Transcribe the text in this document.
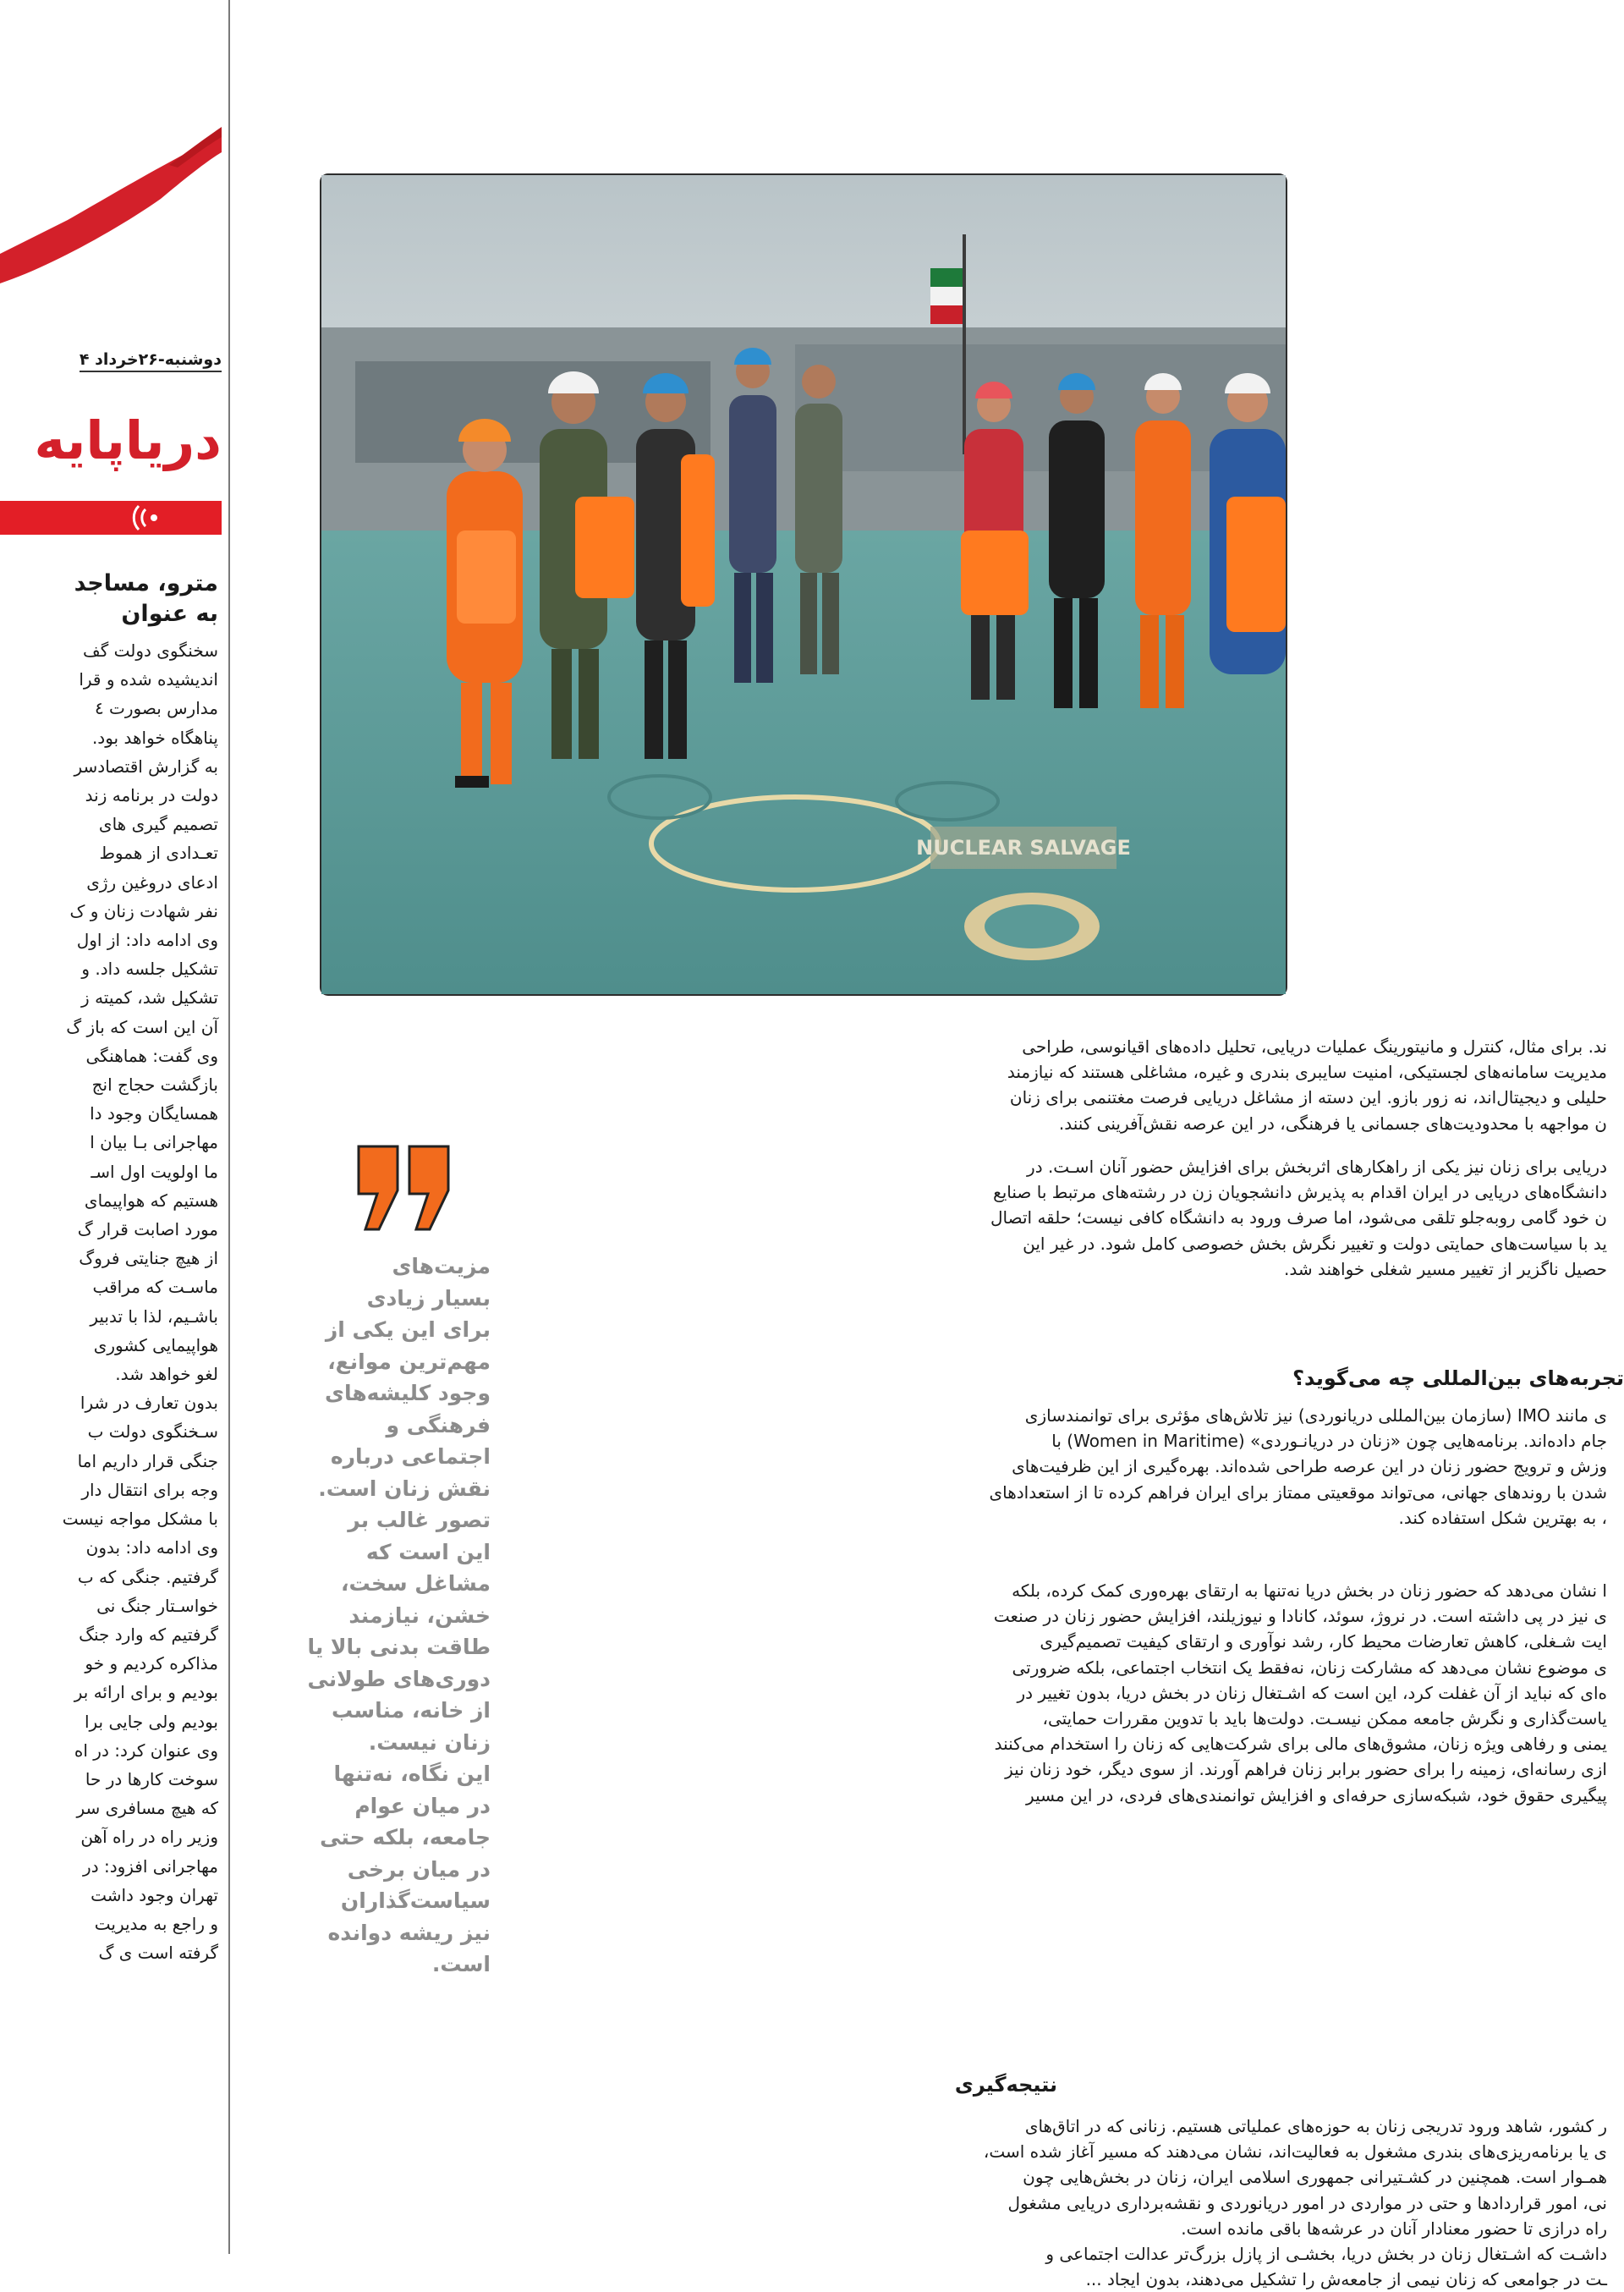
دوشنبه-۲۶خرداد ۴
دریاپایه
مترو، مساجد
به عنوان
سخنگوی دولت گف
اندیشیده شده و قرا
مدارس بصورت ٤
پناهگاه خواهد بود.
به گزارش اقتصادسر
دولت در برنامه زند
تصمیم گیری های
تعـدادی از هموط
ادعای دروغین رژی
نفر شهادت زنان و ک
وی ادامه داد: از اول
تشکیل جلسه داد. و
تشکیل شد، کمیته ز
آن این است که باز گ
وی گفت: هماهنگی
بازگشت حجاج انج
همسایگان وجود دا
مهاجرانی بـا بیان ا
ما اولویت اول اسـ
هستیم که هواپیمای
مورد اصابت قرار گ
از هیچ جنایتی فروگ
ماسـت که مراقب
باشـیم، لذا با تدبیر
هواپیمایی کشوری
لغو خواهد شد.
بدون تعارف در شرا
سـخنگوی دولت ب
جنگی قرار داریم اما
وجه برای انتقال دار
با مشکل مواجه نیست
وی ادامه داد: بدون
گرفتیم. جنگی که ب
خواسـتار جنگ نی
گرفتیم که وارد جنگ
مذاکره کردیم و خو
بودیم و برای ارائه بر
بودیم ولی جایی برا
وی عنوان کرد: در اه
سوخت کارها در حا
که هیچ مسافری سر
وزیر راه در راه آهن
مهاجرانی افزود: در
تهران وجود داشت
و راجع به مدیریت
گرفته است ی گ
NUCLEAR SALVAGE
مزیت‌های
بسیار زیادی
برای این یکی از
مهم‌ترین موانع،
وجود کلیشه‌های
فرهنگی و
اجتماعی درباره
نقش زنان است.
تصور غالب بر
این است که
مشاغل سخت،
خشن، نیازمند
طاقت بدنی بالا یا
دوری‌های طولانی
از خانه، مناسب
زنان نیست.
این نگاه، نه‌تنها
در میان عوام
جامعه، بلکه حتی
در میان برخی
سیاست‌گذاران
نیز ریشه دوانده
است.
ند. برای مثال، کنترل و مانیتورینگ عملیات دریایی، تحلیل داده‌های اقیانوسی، طراحی
مدیریت سامانه‌های لجستیکی، امنیت سایبری بندری و غیره، مشاغلی هستند که نیازمند
حلیلی و دیجیتال‌اند، نه زور بازو. این دسته از مشاغل دریایی فرصت مغتنمی برای زنان
ن مواجهه با محدودیت‌های جسمانی یا فرهنگی، در این عرصه نقش‌آفرینی کنند.
دریایی برای زنان نیز یکی از راهکارهای اثربخش برای افزایش حضور آنان اسـت. در
دانشگاه‌های دریایی در ایران اقدام به پذیرش دانشجویان زن در رشته‌های مرتبط با صنایع
ن خود گامی روبه‌جلو تلقی می‌شود، اما صرف ورود به دانشگاه کافی نیست؛ حلقه اتصال
ید با سیاست‌های حمایتی دولت و تغییر نگرش بخش خصوصی کامل شود. در غیر این
حصیل ناگزیر از تغییر مسیر شغلی خواهند شد.
تجربه‌های بین‌المللی چه می‌گوید؟
ی مانند IMO (سازمان بین‌المللی دریانوردی) نیز تلاش‌های مؤثری برای توانمندسازی
جام داده‌اند. برنامه‌هایی چون «زنان در دریانـوردی» (Women in Maritime) با
وزش و ترویج حضور زنان در این عرصه طراحی شده‌اند. بهره‌گیری از این ظرفیت‌های
شدن با روندهای جهانی، می‌تواند موقعیتی ممتاز برای ایران فراهم کرده تا از استعدادهای
، به بهترین شکل استفاده کند.
ا نشان می‌دهد که حضور زنان در بخش دریا نه‌تنها به ارتقای بهره‌وری کمک کرده، بلکه
ی نیز در پی داشته است. در نروژ، سوئد، کانادا و نیوزیلند، افزایش حضور زنان در صنعت
ایت شـغلی، کاهش تعارضات محیط کار، رشد نوآوری و ارتقای کیفیت تصمیم‌گیری
ی موضوع نشان می‌دهد که مشارکت زنان، نه‌فقط یک انتخاب اجتماعی، بلکه ضرورتی
ه‌ای که نباید از آن غفلت کرد، این است که اشـتغال زنان در بخش دریا، بدون تغییر در
یاست‌گذاری و نگرش جامعه ممکن نیسـت. دولت‌ها باید با تدوین مقررات حمایتی،
یمنی و رفاهی ویژه زنان، مشوق‌های مالی برای شرکت‌هایی که زنان را استخدام می‌کنند
ازی رسانه‌ای، زمینه را برای حضور برابر زنان فراهم آورند. از سوی دیگر، خود زنان نیز
پیگیری حقوق خود، شبکه‌سازی حرفه‌ای و افزایش توانمندی‌های فردی، در این مسیر
نتیجه‌گیری
ر کشور، شاهد ورود تدریجی زنان به حوزه‌های عملیاتی هستیم. زنانی که در اتاق‌های
ی یا برنامه‌ریزی‌های بندری مشغول به فعالیت‌اند، نشان می‌دهند که مسیر آغاز شده است،
همـوار است. همچنین در کشـتیرانی جمهوری اسلامی ایران، زنان در بخش‌هایی چون
نی، امور قراردادها و حتی در مواردی در امور دریانوردی و نقشه‌برداری دریایی مشغول
راه درازی تا حضور معنادار آنان در عرشه‌ها باقی مانده است.
داشـت که اشـتغال زنان در بخش دریا، بخشـی از پازل بزرگ‌تر عدالت اجتماعی و
ـت در جوامعی که زنان نیمی از جامعه‌ش را تشکیل می‌دهند، بدون ایجاد ...
